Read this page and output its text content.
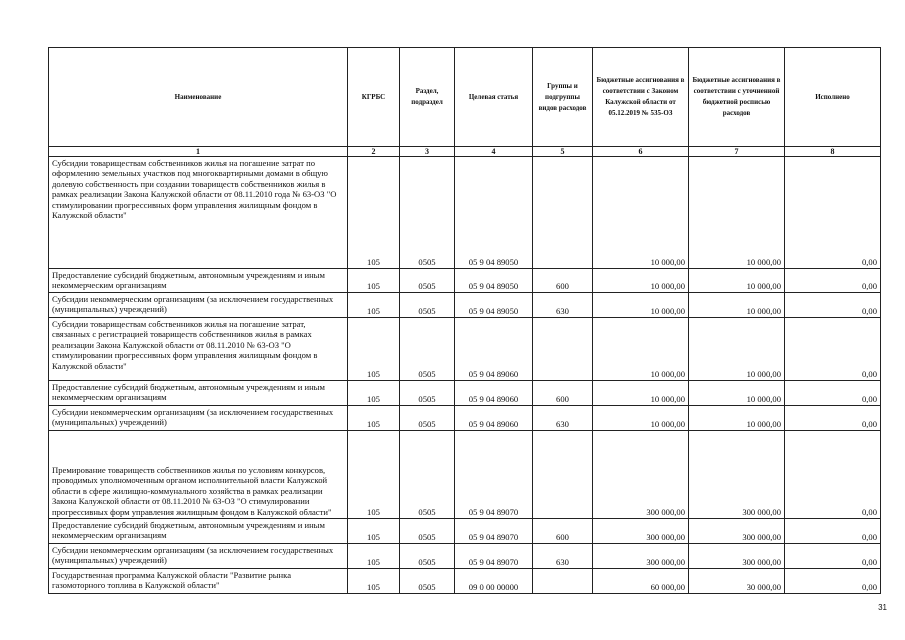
Наименование	КГРБС	Раздел, подраздел	Целевая статья	Группы и подгруппы видов расходов	Бюджетные ассигнования в соответствии с Законом Калужской области от 05.12.2019 № 535-ОЗ	Бюджетные ассигнования в соответствии с уточненной бюджетной росписью расходов	Исполнено
1	2	3	4	5	6	7	8
Субсидии товариществам собственников жилья на погашение затрат по оформлению земельных участков под многоквартирными домами в общую долевую собственность при создании товариществ собственников жилья в рамках реализации Закона Калужской области от 08.11.2010 года № 63-ОЗ "О стимулировании прогрессивных форм управления жилищным фондом в Калужской области"	105	0505	05 9 04 89050		10 000,00	10 000,00	0,00
Предоставление субсидий бюджетным, автономным учреждениям и иным некоммерческим организациям	105	0505	05 9 04 89050	600	10 000,00	10 000,00	0,00
Субсидии некоммерческим организациям (за исключением государственных (муниципальных) учреждений)	105	0505	05 9 04 89050	630	10 000,00	10 000,00	0,00
Субсидии товариществам собственников жилья на погашение затрат, связанных с регистрацией товариществ собственников жилья в рамках реализации Закона Калужской области от 08.11.2010 № 63-ОЗ "О стимулировании прогрессивных форм управления жилищным фондом в Калужской области"	105	0505	05 9 04 89060		10 000,00	10 000,00	0,00
Предоставление субсидий бюджетным, автономным учреждениям и иным некоммерческим организациям	105	0505	05 9 04 89060	600	10 000,00	10 000,00	0,00
Субсидии некоммерческим организациям (за исключением государственных (муниципальных) учреждений)	105	0505	05 9 04 89060	630	10 000,00	10 000,00	0,00
Премирование товариществ собственников жилья по условиям конкурсов, проводимых уполномоченным органом исполнительной власти Калужской области в сфере жилищно-коммунального хозяйства в рамках реализации Закона Калужской области от 08.11.2010 № 63-ОЗ "О стимулировании прогрессивных форм управления жилищным фондом в Калужской области"	105	0505	05 9 04 89070		300 000,00	300 000,00	0,00
Предоставление субсидий бюджетным, автономным учреждениям и иным некоммерческим организациям	105	0505	05 9 04 89070	600	300 000,00	300 000,00	0,00
Субсидии некоммерческим организациям (за исключением государственных (муниципальных) учреждений)	105	0505	05 9 04 89070	630	300 000,00	300 000,00	0,00
Государственная программа Калужской области "Развитие рынка газомоторного топлива в Калужской области"	105	0505	09 0 00 00000		60 000,00	30 000,00	0,00
31
